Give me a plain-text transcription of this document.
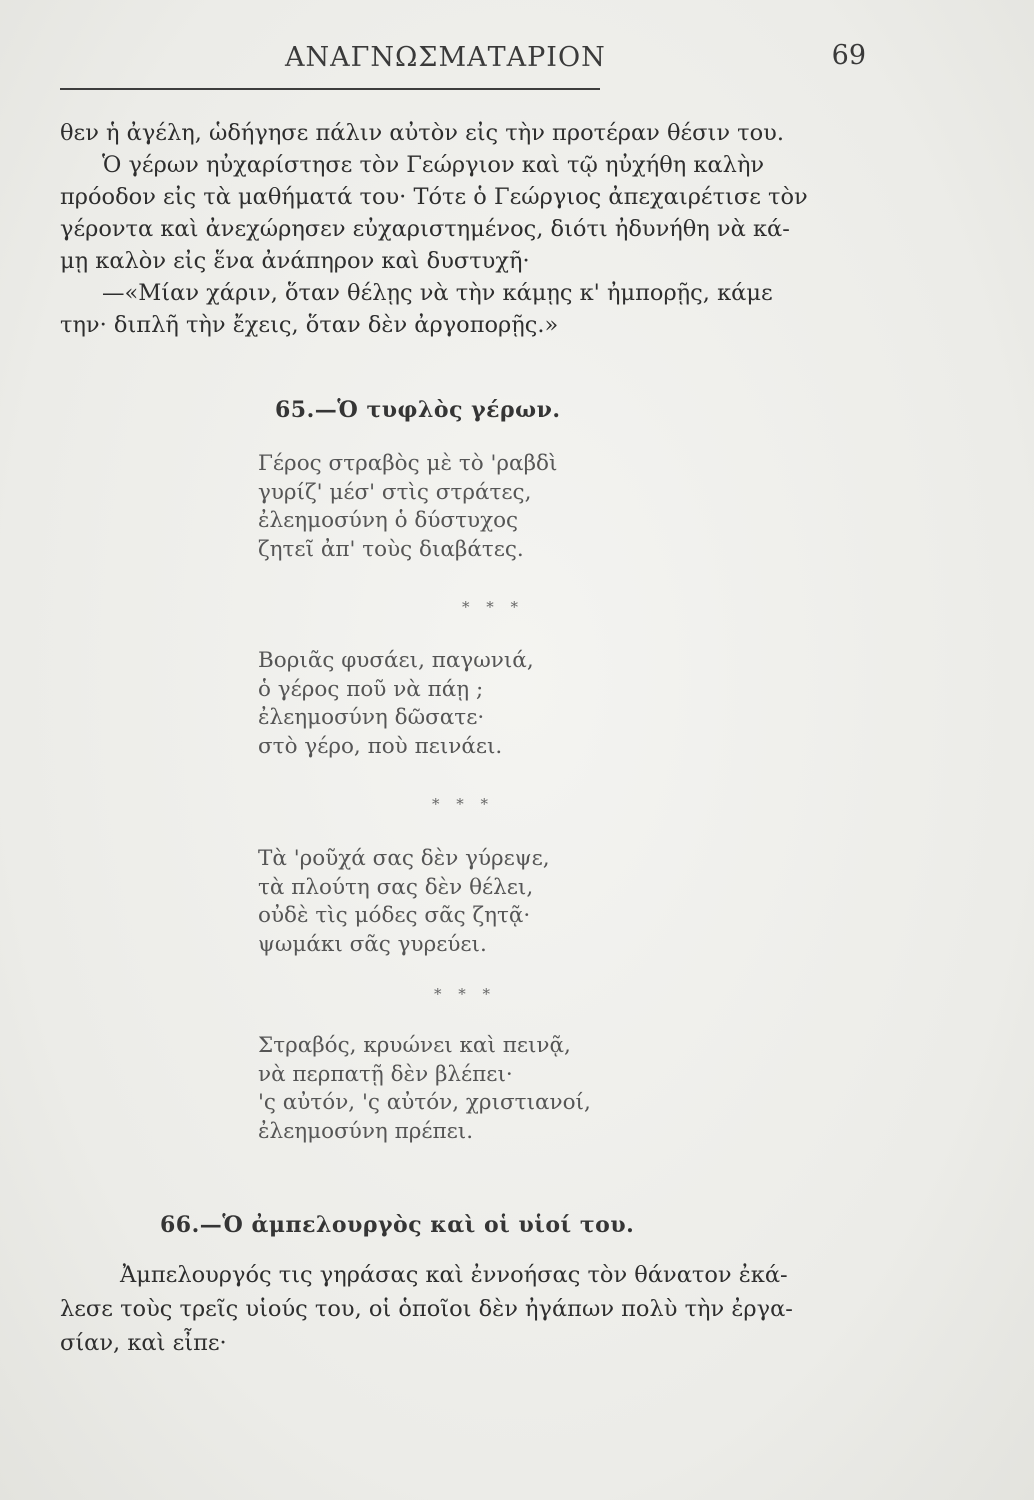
ΑΝΑΓΝΩΣΜΑΤΑΡΙΟΝ	69
θεν ἡ ἀγέλη, ὡδήγησε πάλιν αὐτὸν εἰς τὴν προτέραν θέσιν του.
Ὁ γέρων ηὐχαρίστησε τὸν Γεώργιον καὶ τῷ ηὐχήθη καλὴν
πρόοδον εἰς τὰ μαθήματά του· Τότε ὁ Γεώργιος ἀπεχαιρέτισε τὸν
γέροντα καὶ ἀνεχώρησεν εὐχαριστημένος, διότι ἠδυνήθη νὰ κά-
μῃ καλὸν εἰς ἕνα ἀνάπηρον καὶ δυστυχῆ·
—«Μίαν χάριν, ὅταν θέλῃς νὰ τὴν κάμῃς κ' ἠμπορῇς, κάμε
την· διπλῆ τὴν ἔχεις, ὅταν δὲν ἀργοπορῇς.»
65.—Ὁ τυφλὸς γέρων.
Γέρος στραβὸς μὲ τὸ 'ραβδὶ
γυρίζ' μέσ' στὶς στράτες,
ἐλεημοσύνη ὁ δύστυχος
ζητεῖ ἀπ' τοὺς διαβάτες.
* * *
Βοριᾶς φυσάει, παγωνιά,
ὁ γέρος ποῦ νὰ πάῃ ;
ἐλεημοσύνη δῶσατε·
στὸ γέρο, ποὺ πεινάει.
* * *
Τὰ 'ροῦχά σας δὲν γύρεψε,
τὰ πλούτη σας δὲν θέλει,
οὐδὲ τὶς μόδες σᾶς ζητᾷ·
ψωμάκι σᾶς γυρεύει.
* * *
Στραβός, κρυώνει καὶ πεινᾷ,
νὰ περπατῇ δὲν βλέπει·
'ς αὐτόν, 'ς αὐτόν, χριστιανοί,
ἐλεημοσύνη πρέπει.
66.—Ὁ ἀμπελουργὸς καὶ οἱ υἱοί του.
Ἀμπελουργός τις γηράσας καὶ ἐννοήσας τὸν θάνατον ἐκά-
λεσε τοὺς τρεῖς υἱούς του, οἱ ὁποῖοι δὲν ἠγάπων πολὺ τὴν ἐργα-
σίαν, καὶ εἶπε·
